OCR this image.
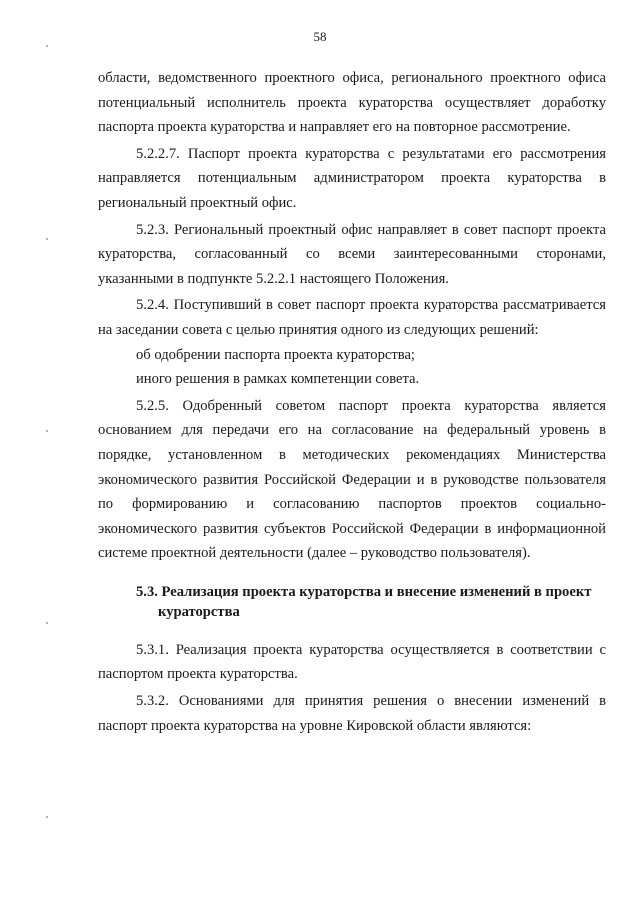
58

области, ведомственного проектного офиса, регионального проектного офиса потенциальный исполнитель проекта кураторства осуществляет доработку паспорта проекта кураторства и направляет его на повторное рассмотрение.

5.2.2.7. Паспорт проекта кураторства с результатами его рассмотрения направляется потенциальным администратором проекта кураторства в региональный проектный офис.

5.2.3. Региональный проектный офис направляет в совет паспорт проекта кураторства, согласованный со всеми заинтересованными сторонами, указанными в подпункте 5.2.2.1 настоящего Положения.

5.2.4. Поступивший в совет паспорт проекта кураторства рассматривается на заседании совета с целью принятия одного из следующих решений:

об одобрении паспорта проекта кураторства;

иного решения в рамках компетенции совета.

5.2.5. Одобренный советом паспорт проекта кураторства является основанием для передачи его на согласование на федеральный уровень в порядке, установленном в методических рекомендациях Министерства экономического развития Российской Федерации и в руководстве пользователя по формированию и согласованию паспортов проектов социально-экономического развития субъектов Российской Федерации в информационной системе проектной деятельности (далее – руководство пользователя).

5.3. Реализация проекта кураторства и внесение изменений в проект
кураторства

5.3.1. Реализация проекта кураторства осуществляется в соответствии с паспортом проекта кураторства.

5.3.2. Основаниями для принятия решения о внесении изменений в паспорт проекта кураторства на уровне Кировской области являются:
